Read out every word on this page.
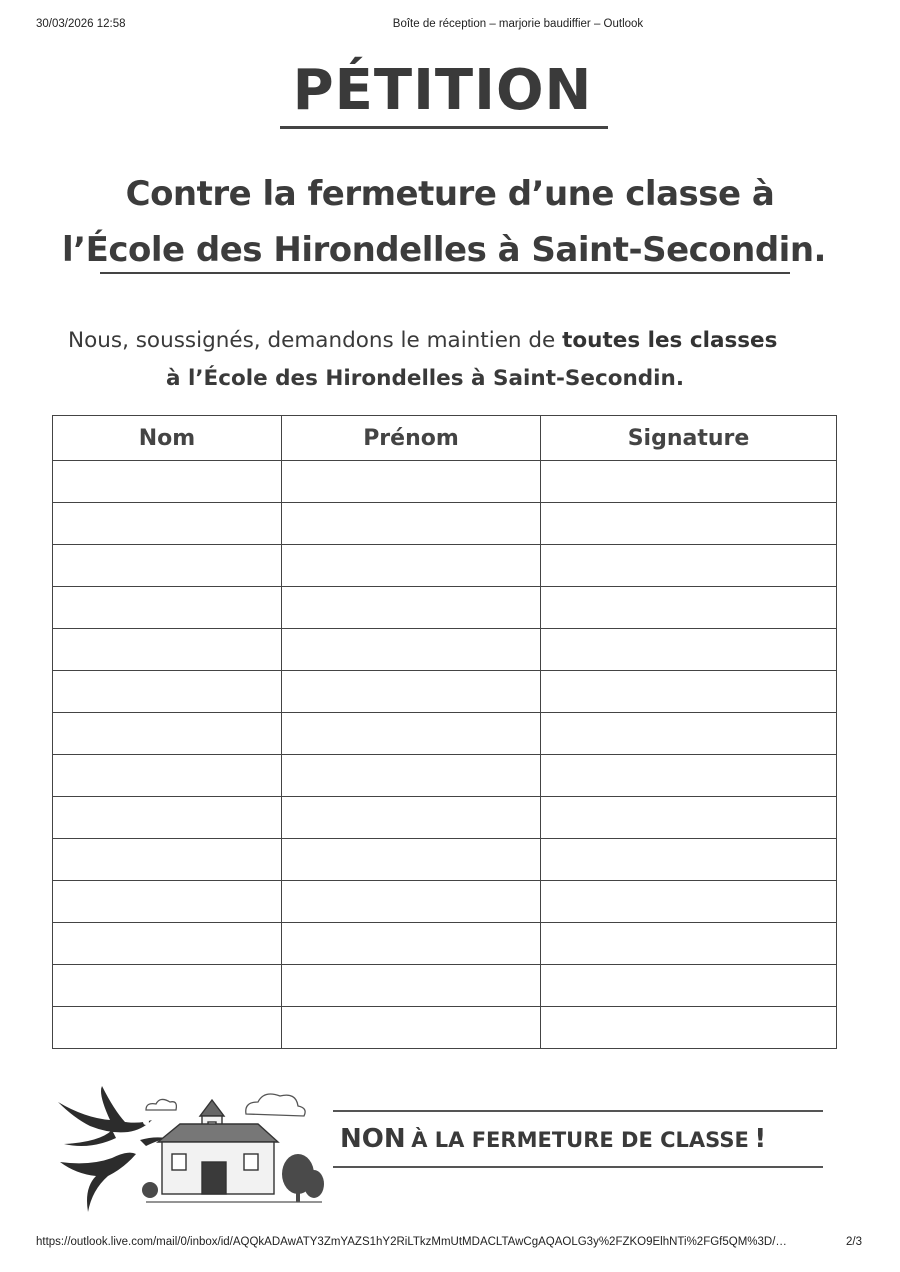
30/03/2026 12:58	Boîte de réception – marjorie baudiffier – Outlook
PÉTITION
Contre la fermeture d’une classe à
l’École des Hirondelles à Saint-Secondin.
Nous, soussignés, demandons le maintien de toutes les classes
à l’École des Hirondelles à Saint-Secondin.
Nom	Prénom	Signature

NON À LA FERMETURE DE CLASSE !
https://outlook.live.com/mail/0/inbox/id/AQQkADAwATY3ZmYAZS1hY2RiLTkzMmUtMDACLTAwCgAQAOLG3y%2FZKO9ElhNTi%2FGf5QM%3D/…	2/3
